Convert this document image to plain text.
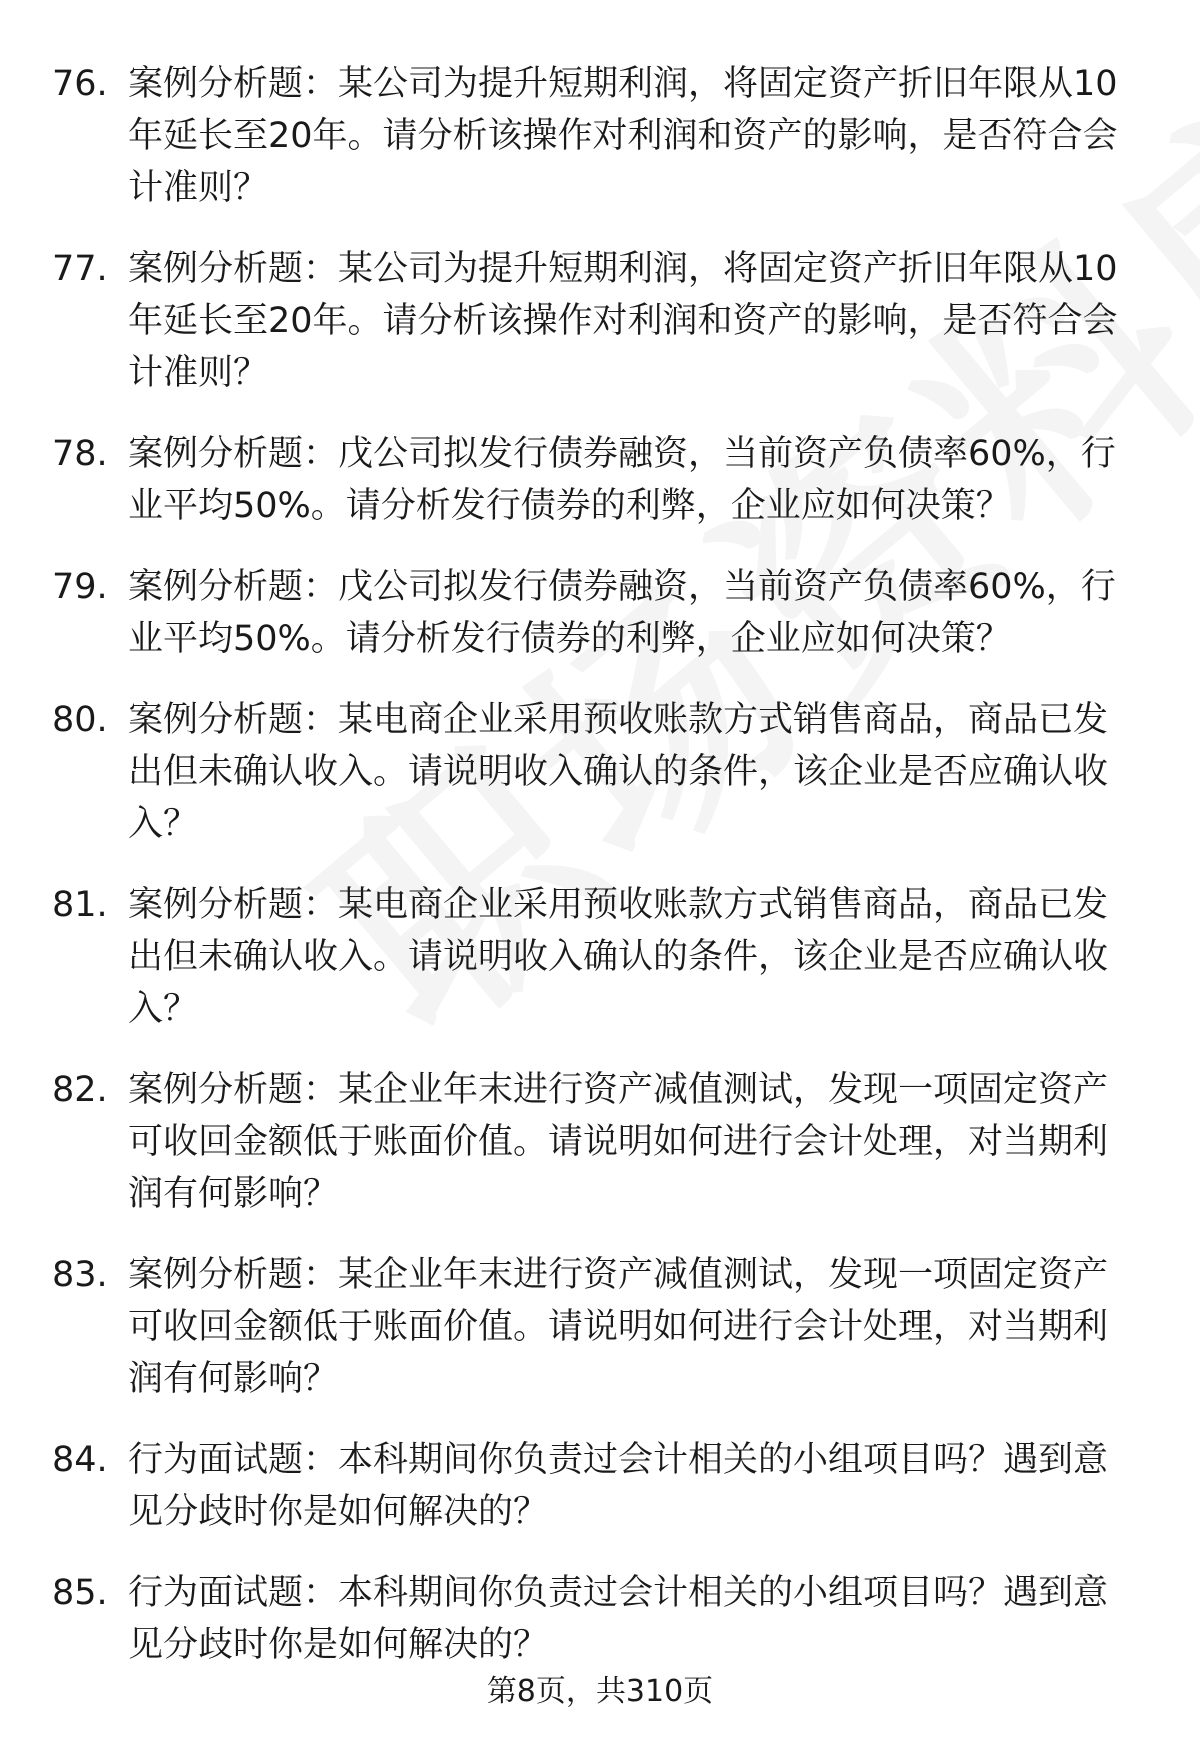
76. 案例分析题：某公司为提升短期利润，将固定资产折旧年限从10年延长至20年。请分析该操作对利润和资产的影响，是否符合会计准则？
77. 案例分析题：某公司为提升短期利润，将固定资产折旧年限从10年延长至20年。请分析该操作对利润和资产的影响，是否符合会计准则？
78. 案例分析题：戊公司拟发行债券融资，当前资产负债率60%，行业平均50%。请分析发行债券的利弊，企业应如何决策？
79. 案例分析题：戊公司拟发行债券融资，当前资产负债率60%，行业平均50%。请分析发行债券的利弊，企业应如何决策？
80. 案例分析题：某电商企业采用预收账款方式销售商品，商品已发出但未确认收入。请说明收入确认的条件，该企业是否应确认收入？
81. 案例分析题：某电商企业采用预收账款方式销售商品，商品已发出但未确认收入。请说明收入确认的条件，该企业是否应确认收入？
82. 案例分析题：某企业年末进行资产减值测试，发现一项固定资产可收回金额低于账面价值。请说明如何进行会计处理，对当期利润有何影响？
83. 案例分析题：某企业年末进行资产减值测试，发现一项固定资产可收回金额低于账面价值。请说明如何进行会计处理，对当期利润有何影响？
84. 行为面试题：本科期间你负责过会计相关的小组项目吗？遇到意见分歧时你是如何解决的？
85. 行为面试题：本科期间你负责过会计相关的小组项目吗？遇到意见分歧时你是如何解决的？
第8页，共310页
